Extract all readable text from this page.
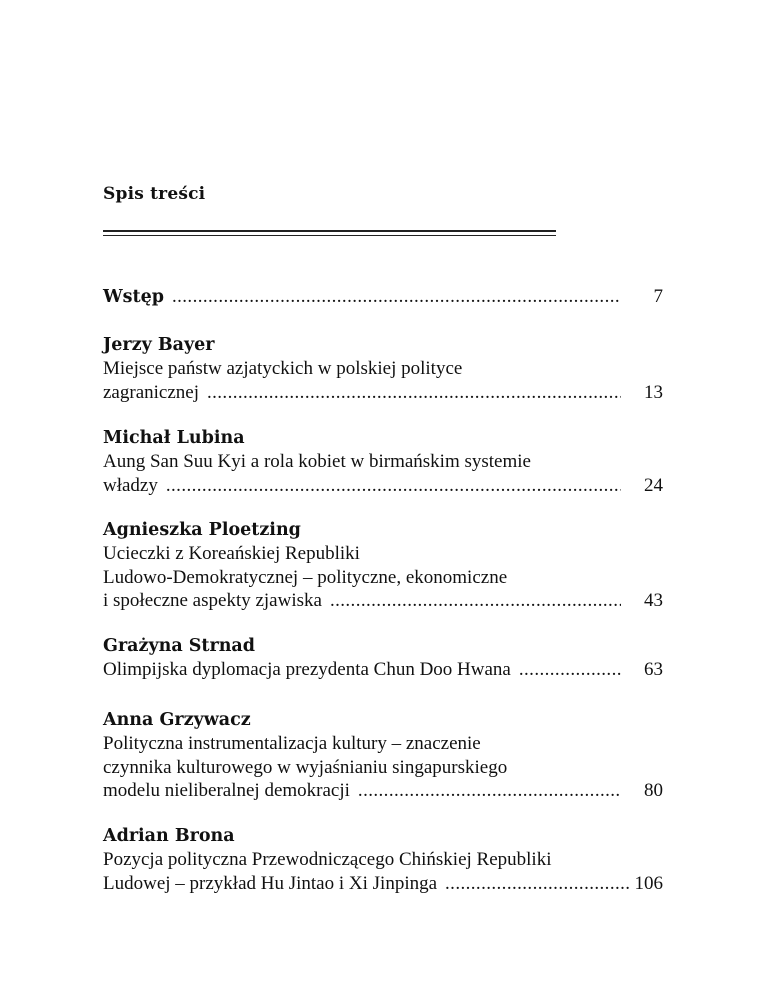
Spis treści
Wstęp .....	7
Jerzy Bayer
Miejsce państw azjatyckich w polskiej polityce
zagranicznej .....	13
Michał Lubina
Aung San Suu Kyi a rola kobiet w birmańskim systemie
władzy .....	24
Agnieszka Ploetzing
Ucieczki z Koreańskiej Republiki
Ludowo-Demokratycznej – polityczne, ekonomiczne
i społeczne aspekty zjawiska .....	43
Grażyna Strnad
Olimpijska dyplomacja prezydenta Chun Doo Hwana .....	63
Anna Grzywacz
Polityczna instrumentalizacja kultury – znaczenie
czynnika kulturowego w wyjaśnianiu singapurskiego
modelu nieliberalnej demokracji .....	80
Adrian Brona
Pozycja polityczna Przewodniczącego Chińskiej Republiki
Ludowej – przykład Hu Jintao i Xi Jinpinga .....	106
